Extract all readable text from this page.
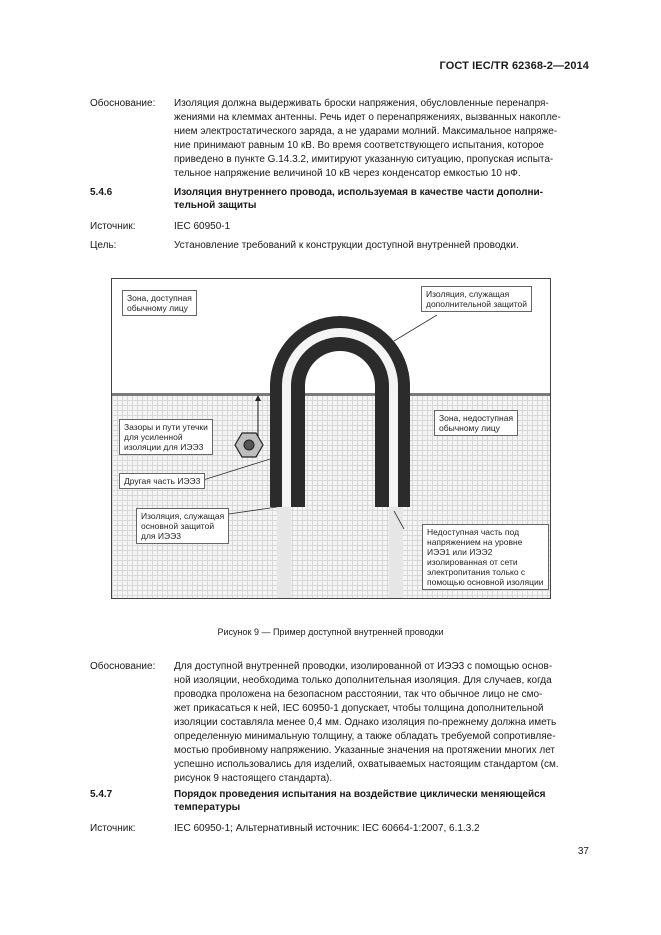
ГОСТ IEC/TR 62368-2—2014
Обоснование: Изоляция должна выдерживать броски напряжения, обусловленные перенапря-
жениями на клеммах антенны. Речь идет о перенапряжениях, вызванных накопле-
нием электростатического заряда, а не ударами молний. Максимальное напряже-
ние принимают равным 10 кВ. Во время соответствующего испытания, которое
приведено в пункте G.14.3.2, имитируют указанную ситуацию, пропуская испыта-
тельное напряжение величиной 10 кВ через конденсатор емкостью 10 нФ.
5.4.6	Изоляция внутреннего провода, используемая в качестве части дополни-
тельной защиты
Источник:	IEC 60950-1
Цель:	Установление требований к конструкции доступной внутренней проводки.
Зона, доступная
обычному лицу
Изоляция, служащая
дополнительной защитой
Зона, недоступная
обычному лицу
Зазоры и пути утечки
для усиленной
изоляции для ИЭЭ3
Другая часть ИЭЭ3
Изоляция, служащая
основной защитой
для ИЭЭ3	Недоступная часть под
напряжением на уровне
ИЭЭ1 или ИЭЭ2
изолированная от сети
электропитания только с
помощью основной изоляции
Рисунок 9 — Пример доступной внутренней проводки
Обоснование: Для доступной внутренней проводки, изолированной от ИЭЭ3 с помощью основ-
ной изоляции, необходима только дополнительная изоляция. Для случаев, когда
проводка проложена на безопасном расстоянии, так что обычное лицо не смо-
жет прикасаться к ней, IEC 60950-1 допускает, чтобы толщина дополнительной
изоляции составляла менее 0,4 мм. Однако изоляция по-прежнему должна иметь
определенную минимальную толщину, а также обладать требуемой сопротивляе-
мостью пробивному напряжению. Указанные значения на протяжении многих лет
успешно использовались для изделий, охватываемых настоящим стандартом (см.
рисунок 9 настоящего стандарта).
5.4.7	Порядок проведения испытания на воздействие циклически меняющейся
температуры
Источник:	IEC 60950-1; Альтернативный источник: IEC 60664-1:2007, 6.1.3.2
37
